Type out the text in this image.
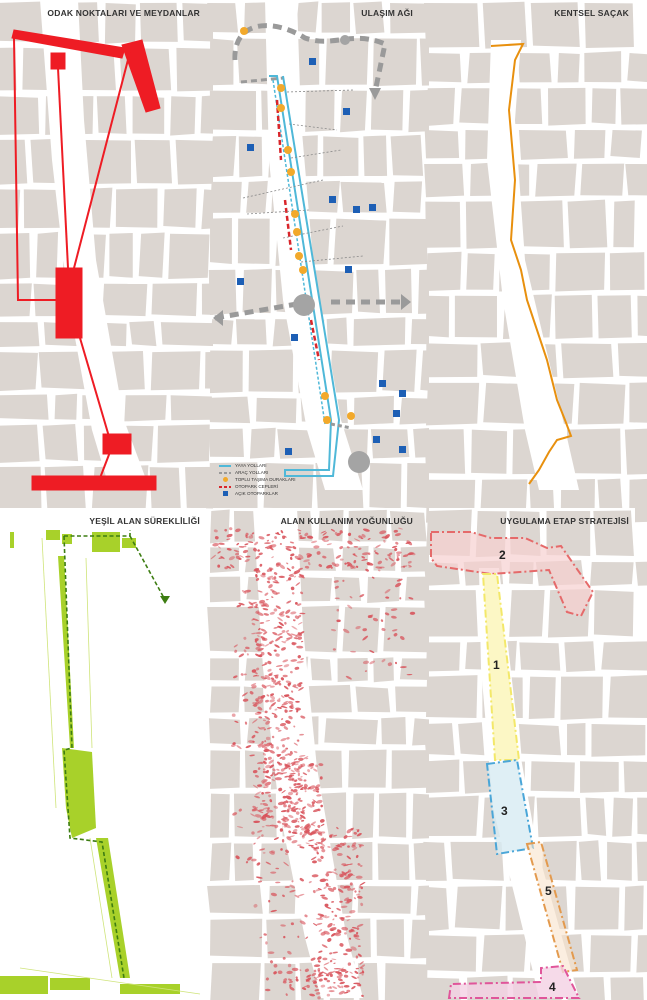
ODAK NOKTALARI VE MEYDANLAR	ULAŞIM AĞI
YAYA YOLLARI
ARAÇ YOLLARI
TOPLU TAŞIMA DURAKLARI
OTOPARK CEPLERİ
AÇIK OTOPARKLAR
KENTSEL SAÇAK
YEŞİL ALAN SÜREKLİLİĞİ	ALAN KULLANIM YOĞUNLUĞU	UYGULAMA ETAP STRATEJİSİ
1
2
3
4
5
